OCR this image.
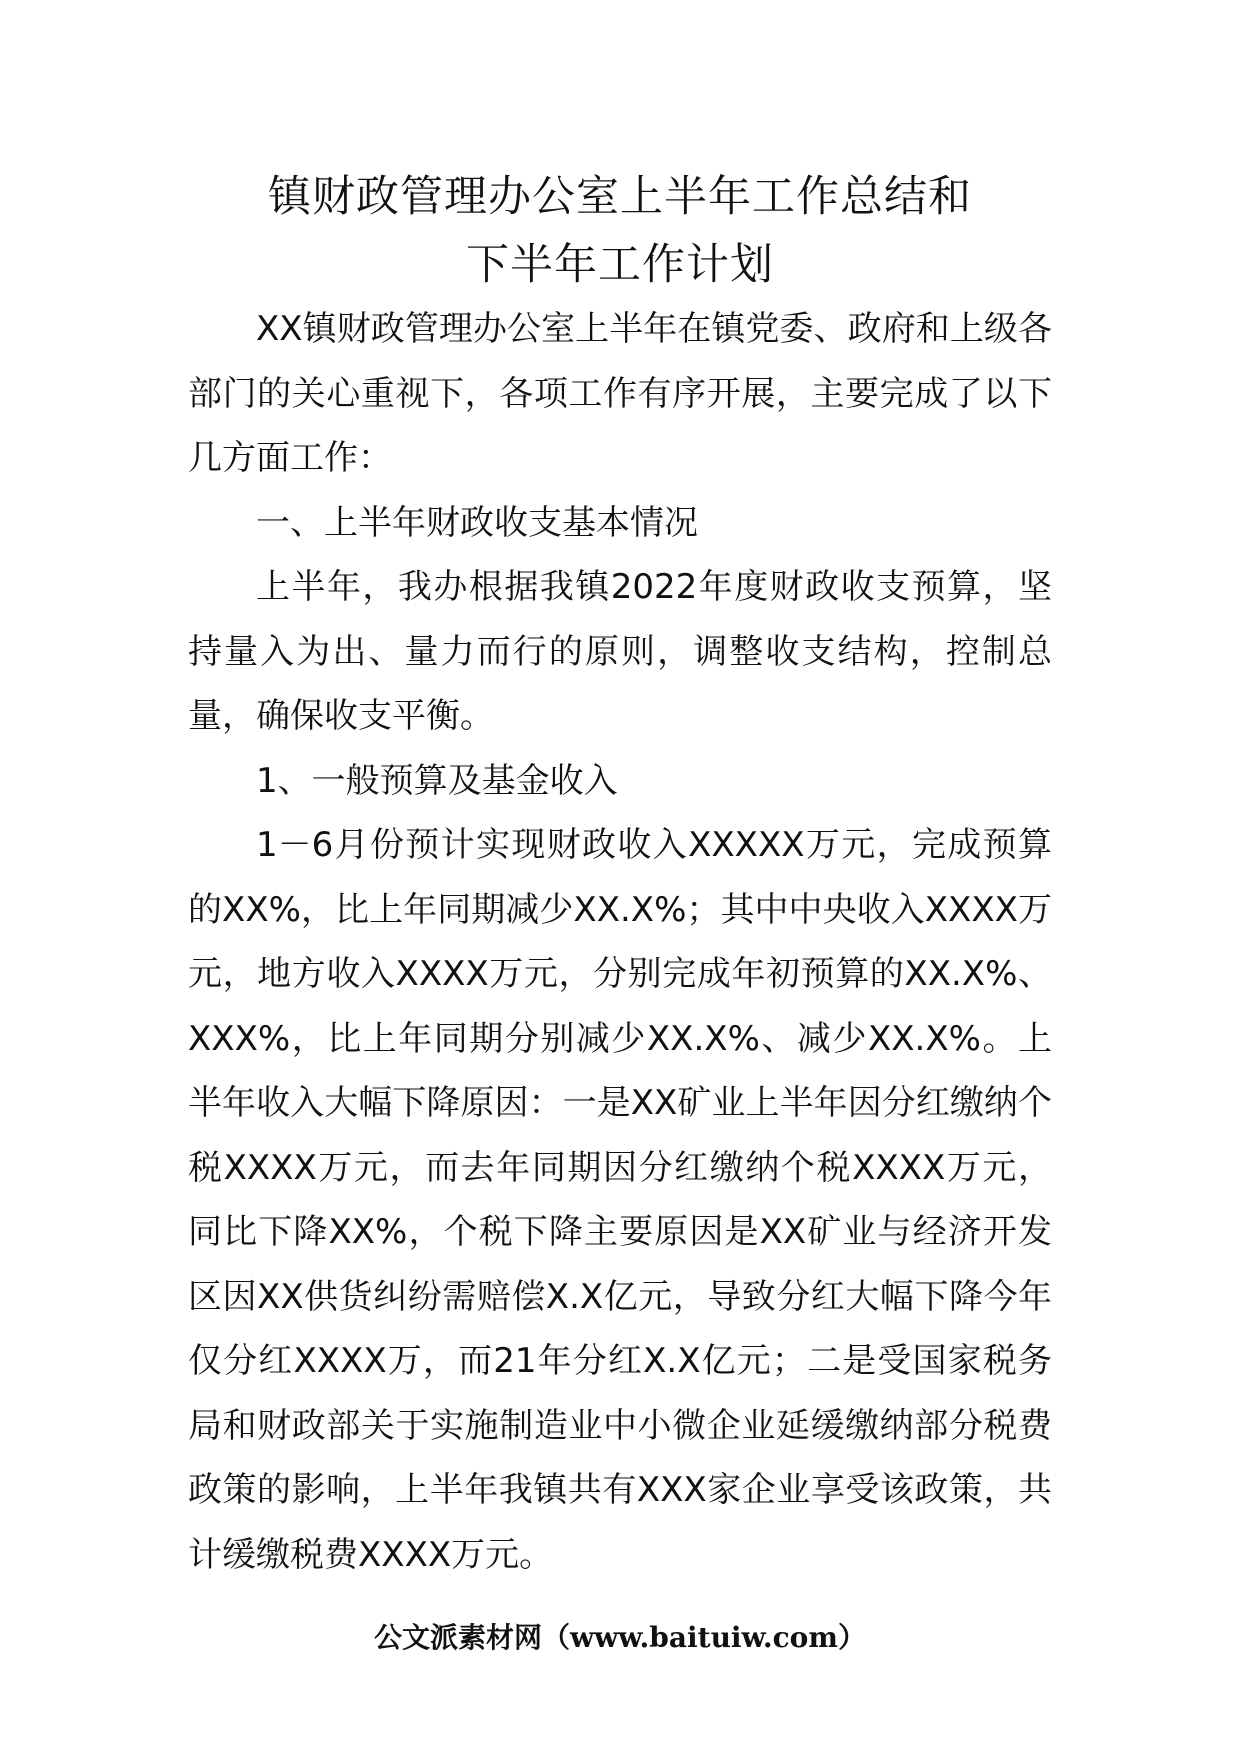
镇财政管理办公室上半年工作总结和
下半年工作计划

XX镇财政管理办公室上半年在镇党委、政府和上级各部门的关心重视下，各项工作有序开展，主要完成了以下几方面工作：

一、上半年财政收支基本情况

上半年，我办根据我镇2022年度财政收支预算，坚持量入为出、量力而行的原则，调整收支结构，控制总量，确保收支平衡。

1、一般预算及基金收入

1－6月份预计实现财政收入XXXXX万元，完成预算的XX%，比上年同期减少XX.X%；其中中央收入XXXX万元，地方收入XXXX万元，分别完成年初预算的XX.X%、XXX%，比上年同期分别减少XX.X%、减少XX.X%。上半年收入大幅下降原因：一是XX矿业上半年因分红缴纳个税XXXX万元，而去年同期因分红缴纳个税XXXX万元，同比下降XX%，个税下降主要原因是XX矿业与经济开发区因XX供货纠纷需赔偿X.X亿元，导致分红大幅下降今年仅分红XXXX万，而21年分红X.X亿元；二是受国家税务局和财政部关于实施制造业中小微企业延缓缴纳部分税费政策的影响，上半年我镇共有XXX家企业享受该政策，共计缓缴税费XXXX万元。

公文派素材网（www.baituiw.com）
